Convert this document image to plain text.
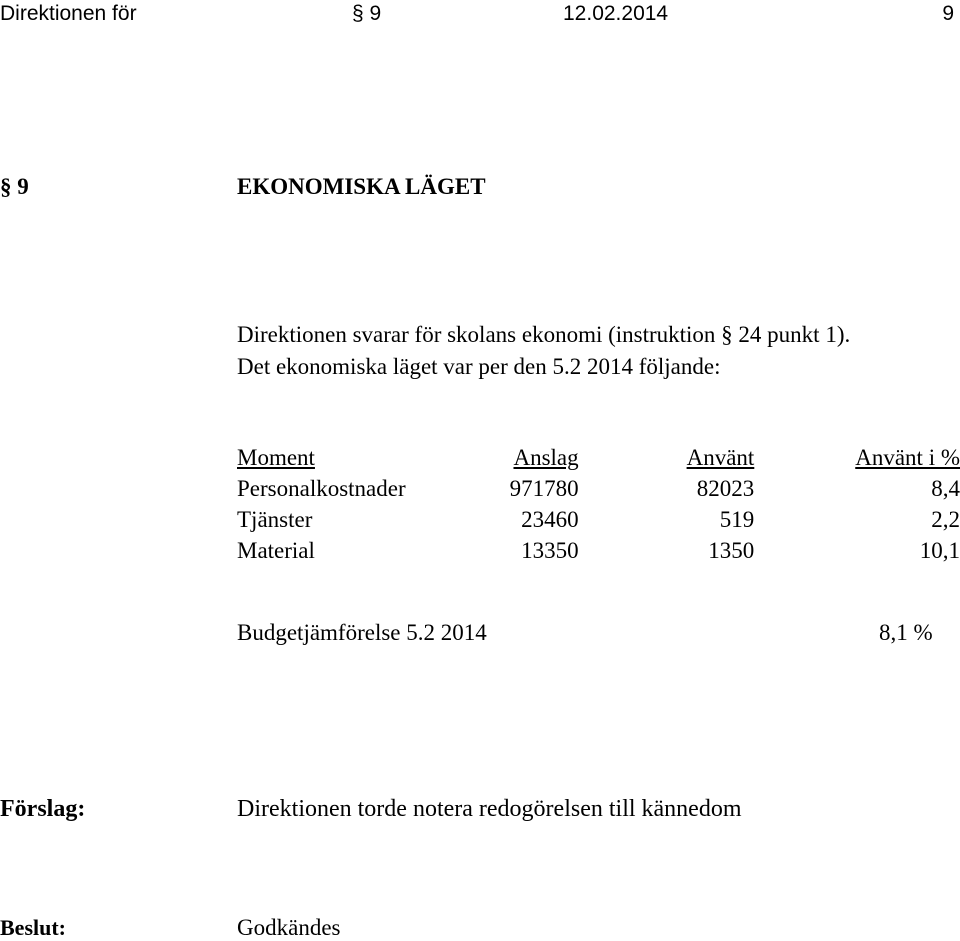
Direktionen för	§ 9	12.02.2014	9
§ 9	EKONOMISKA LÄGET
Direktionen svarar för skolans ekonomi (instruktion § 24 punkt 1).
Det ekonomiska läget var per den 5.2 2014 följande:
Moment	Anslag	Använt	Använt i %
Personalkostnader	971780	82023	8,4
Tjänster	23460	519	2,2
Material	13350	1350	10,1
Budgetjämförelse 5.2 2014	8,1 %
Förslag:	Direktionen torde notera redogörelsen till kännedom
Beslut:	Godkändes
